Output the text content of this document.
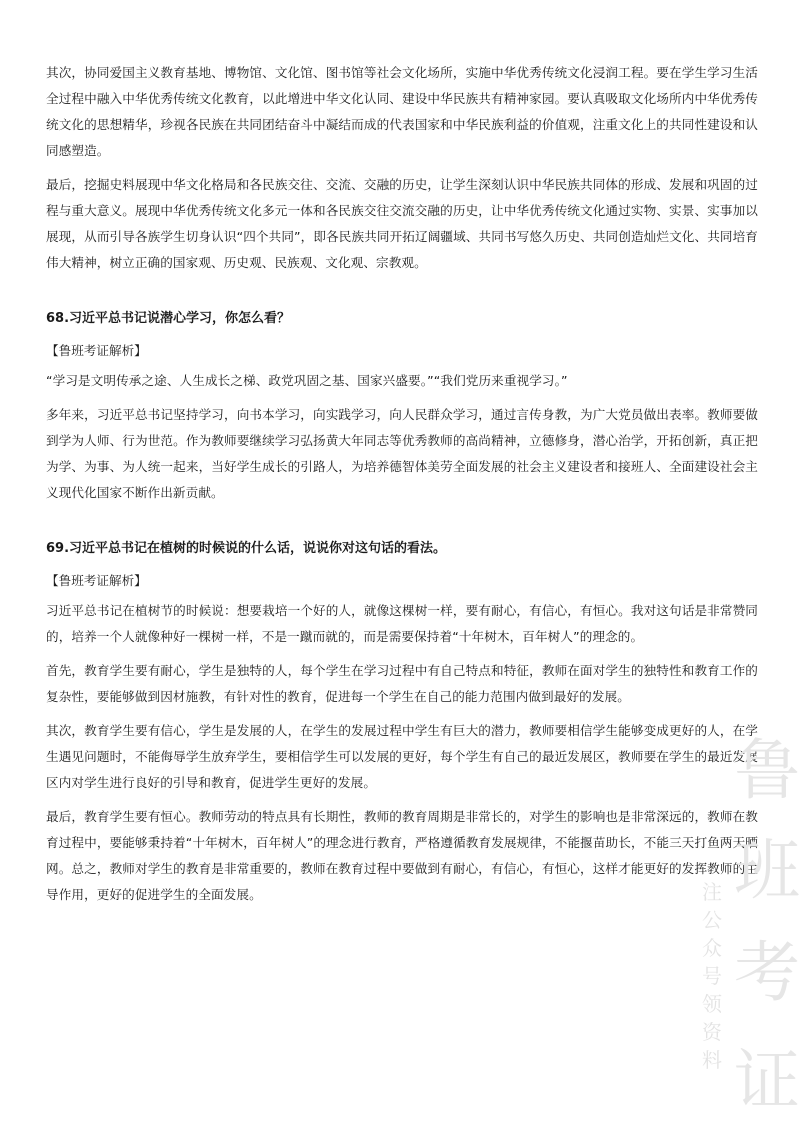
其次，协同爱国主义教育基地、博物馆、文化馆、图书馆等社会文化场所，实施中华优秀传统文化浸润工程。要在学生学习生活全过程中融入中华优秀传统文化教育，以此增进中华文化认同、建设中华民族共有精神家园。要认真吸取文化场所内中华优秀传统文化的思想精华，珍视各民族在共同团结奋斗中凝结而成的代表国家和中华民族利益的价值观，注重文化上的共同性建设和认同感塑造。

最后，挖掘史料展现中华文化格局和各民族交往、交流、交融的历史，让学生深刻认识中华民族共同体的形成、发展和巩固的过程与重大意义。展现中华优秀传统文化多元一体和各民族交往交流交融的历史，让中华优秀传统文化通过实物、实景、实事加以展现，从而引导各族学生切身认识“四个共同”，即各民族共同开拓辽阔疆域、共同书写悠久历史、共同创造灿烂文化、共同培育伟大精神，树立正确的国家观、历史观、民族观、文化观、宗教观。

68.习近平总书记说潜心学习，你怎么看？
【鲁班考证解析】

“学习是文明传承之途、人生成长之梯、政党巩固之基、国家兴盛要。”“我们党历来重视学习。”

多年来，习近平总书记坚持学习，向书本学习，向实践学习，向人民群众学习，通过言传身教，为广大党员做出表率。教师要做到学为人师、行为世范。作为教师要继续学习弘扬黄大年同志等优秀教师的高尚精神，立德修身，潜心治学，开拓创新，真正把为学、为事、为人统一起来，当好学生成长的引路人，为培养德智体美劳全面发展的社会主义建设者和接班人、全面建设社会主义现代化国家不断作出新贡献。

69.习近平总书记在植树的时候说的什么话，说说你对这句话的看法。
【鲁班考证解析】

习近平总书记在植树节的时候说：想要栽培一个好的人，就像这棵树一样，要有耐心，有信心，有恒心。我对这句话是非常赞同的，培养一个人就像种好一棵树一样，不是一蹴而就的，而是需要保持着“十年树木，百年树人”的理念的。

首先，教育学生要有耐心，学生是独特的人，每个学生在学习过程中有自己特点和特征，教师在面对学生的独特性和教育工作的复杂性，要能够做到因材施教，有针对性的教育，促进每一个学生在自己的能力范围内做到最好的发展。

其次，教育学生要有信心，学生是发展的人，在学生的发展过程中学生有巨大的潜力，教师要相信学生能够变成更好的人，在学生遇见问题时，不能侮辱学生放弃学生，要相信学生可以发展的更好，每个学生有自己的最近发展区，教师要在学生的最近发展区内对学生进行良好的引导和教育，促进学生更好的发展。

最后，教育学生要有恒心。教师劳动的特点具有长期性，教师的教育周期是非常长的，对学生的影响也是非常深远的，教师在教育过程中，要能够秉持着“十年树木，百年树人”的理念进行教育，严格遵循教育发展规律，不能揠苗助长，不能三天打鱼两天晒网。总之，教师对学生的教育是非常重要的，教师在教育过程中要做到有耐心，有信心，有恒心，这样才能更好的发挥教师的主导作用，更好的促进学生的全面发展。

鲁
班
考
证
注
公
众
号
领
资
料
